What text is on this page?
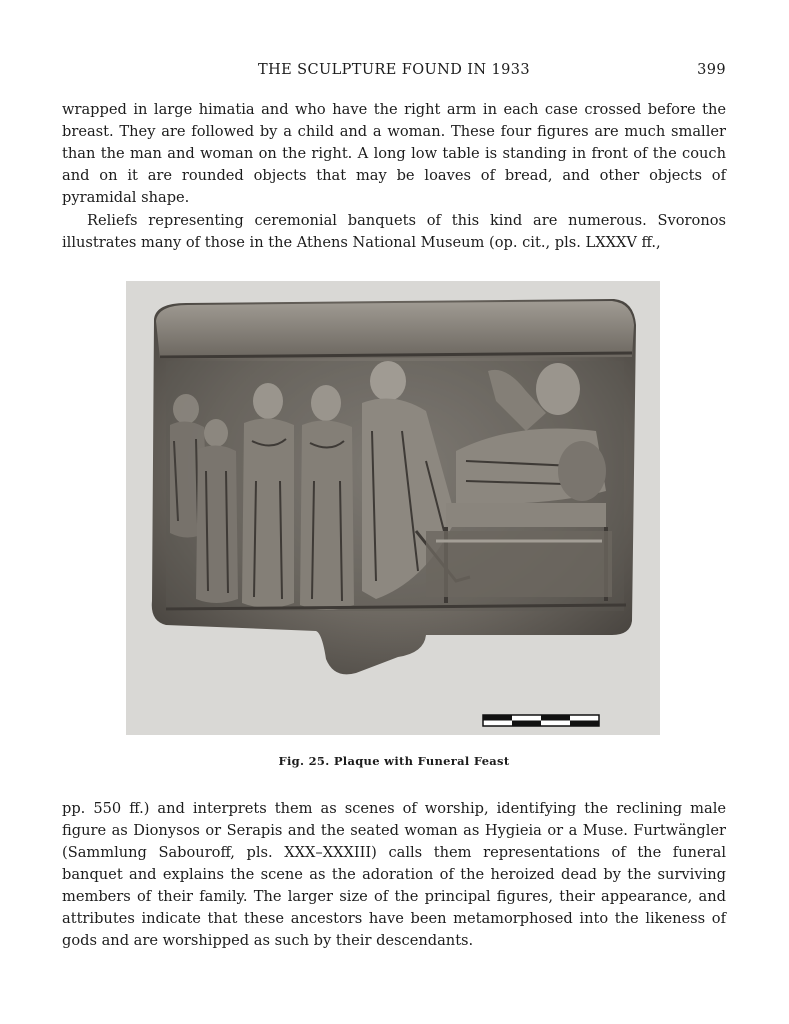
THE SCULPTURE FOUND IN 1933	399

wrapped in large himatia and who have the right arm in each case crossed before the breast. They are followed by a child and a woman. These four figures are much smaller than the man and woman on the right. A long low table is standing in front of the couch and on it are rounded objects that may be loaves of bread, and other objects of pyramidal shape.

Reliefs representing ceremonial banquets of this kind are numerous. Svoronos illustrates many of those in the Athens National Museum (op. cit., pls. LXXXV ff.,

Fig. 25. Plaque with Funeral Feast

pp. 550 ff.) and interprets them as scenes of worship, identifying the reclining male figure as Dionysos or Serapis and the seated woman as Hygieia or a Muse. Furtwängler (Sammlung Sabouroff, pls. XXX–XXXIII) calls them representations of the funeral banquet and explains the scene as the adoration of the heroized dead by the surviving members of their family. The larger size of the principal figures, their appearance, and attributes indicate that these ancestors have been metamorphosed into the likeness of gods and are worshipped as such by their descendants.
